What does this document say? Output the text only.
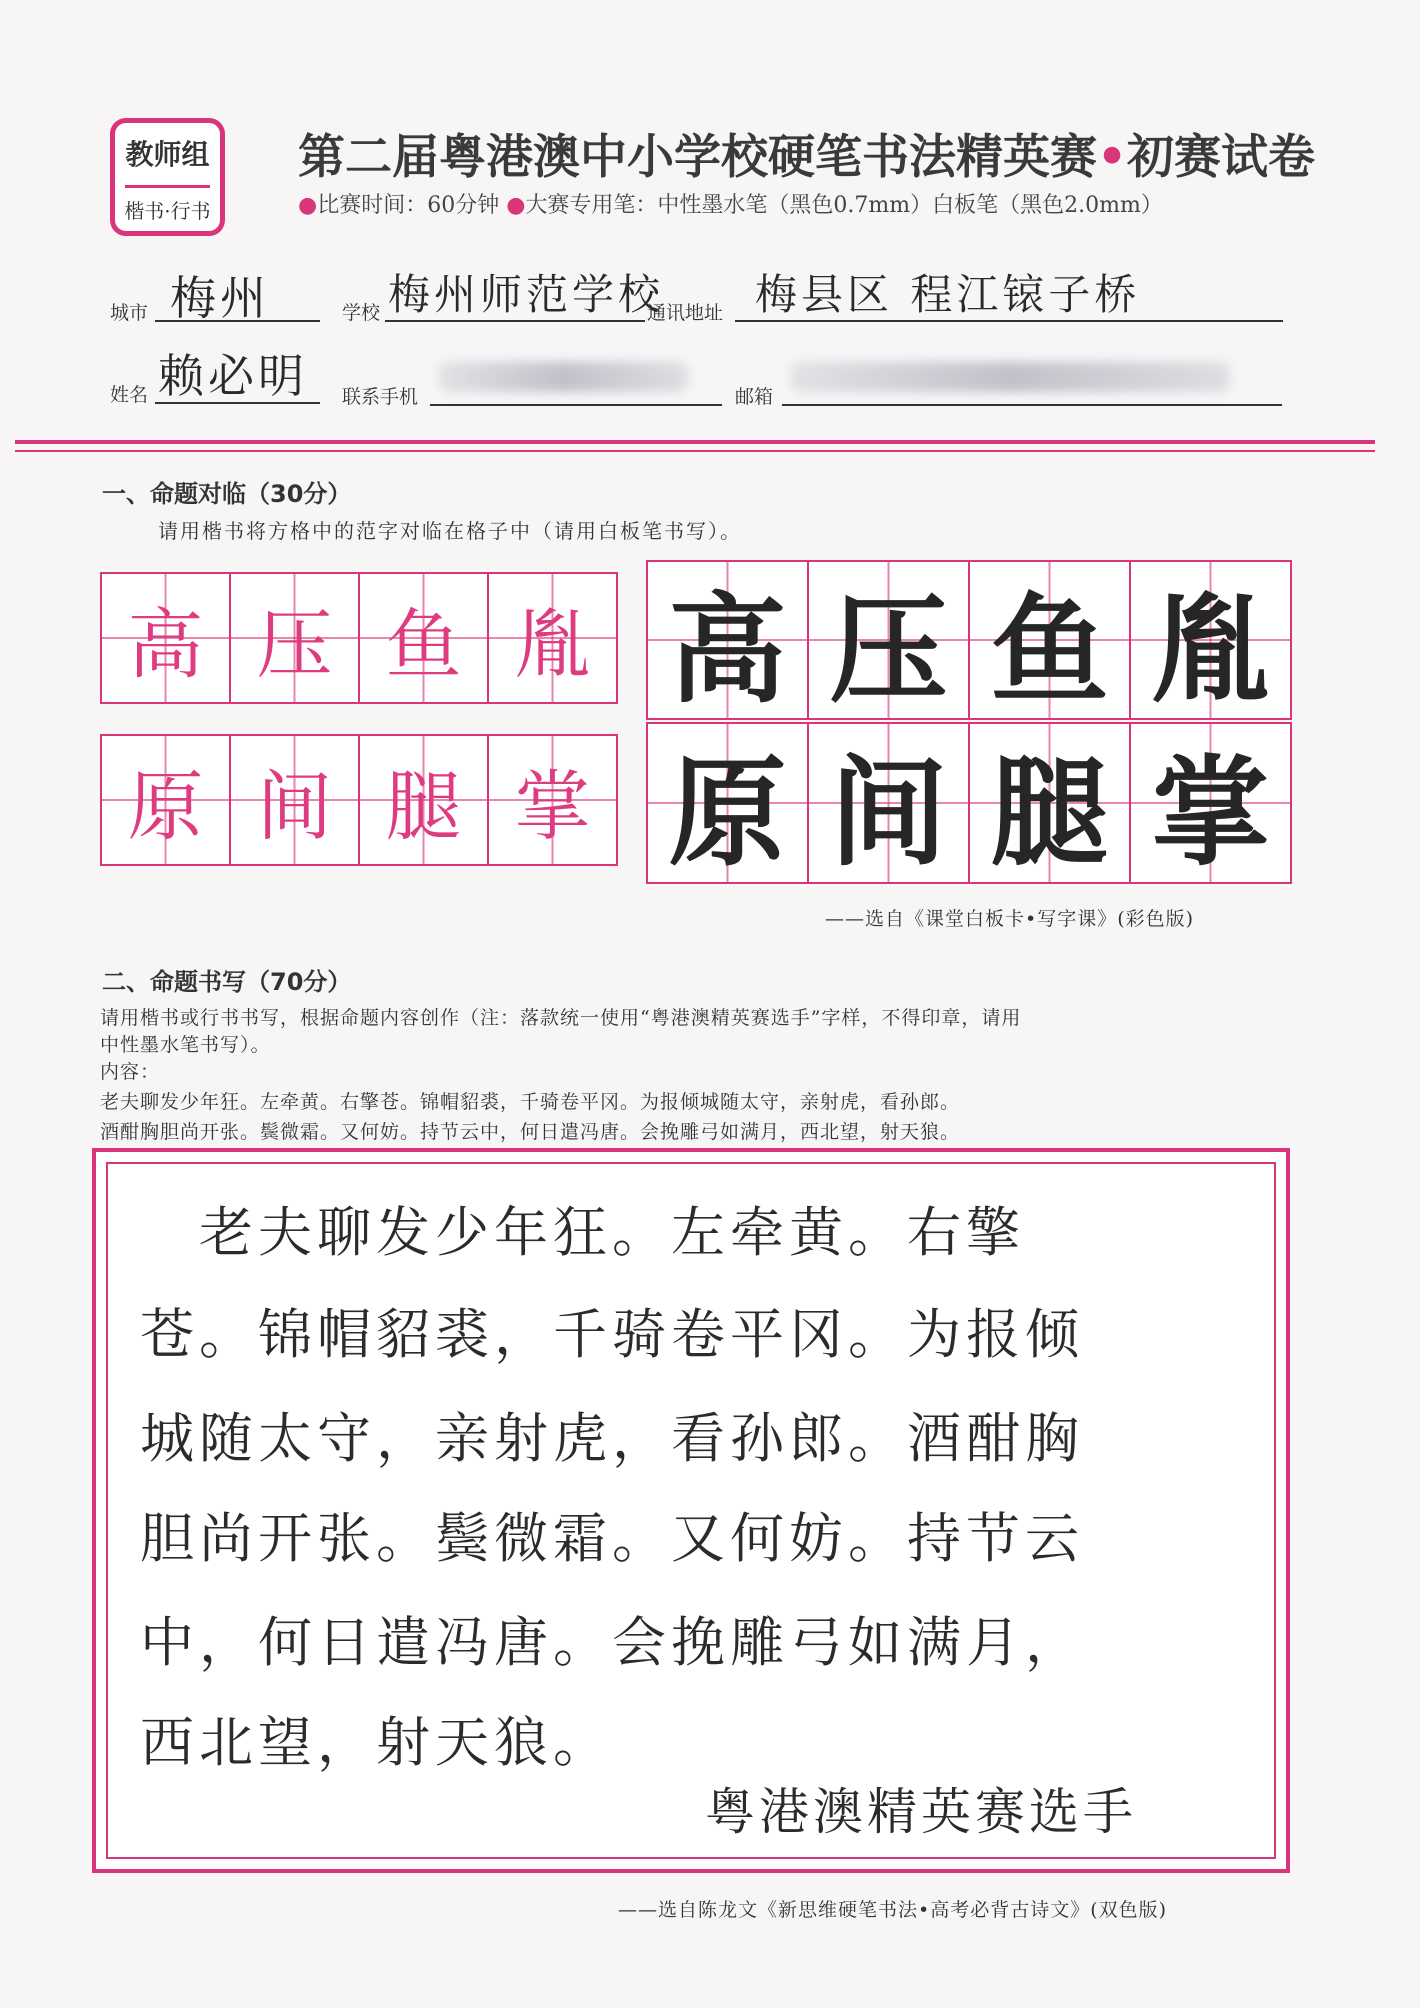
教师组
楷书·行书
第二届粤港澳中小学校硬笔书法精英赛•初赛试卷
●比赛时间：60分钟 ●大赛专用笔：中性墨水笔（黑色0.7mm）白板笔（黑色2.0mm）
城市 梅州	学校 梅州师范学校
通讯地址 梅县区 程江锿子桥
姓名 赖必明 联系手机	邮箱
一、命题对临（30分）
请用楷书将方格中的范字对临在格子中（请用白板笔书写）。
高 压 鱼 胤
原 间 腿 掌
高 压 鱼 胤
原 间 腿 掌
——选自《课堂白板卡•写字课》(彩色版)
二、命题书写（70分）
请用楷书或行书书写，根据命题内容创作（注：落款统一使用“粤港澳精英赛选手”字样，不得印章，请用
中性墨水笔书写）。
内容：
老夫聊发少年狂。左牵黄。右擎苍。锦帽貂裘，千骑卷平冈。为报倾城随太守，亲射虎，看孙郎。
酒酣胸胆尚开张。鬓微霜。又何妨。持节云中，何日遣冯唐。会挽雕弓如满月，西北望，射天狼。
　老夫聊发少年狂。左牵黄。右擎
苍。锦帽貂裘，千骑卷平冈。为报倾
城随太守，亲射虎，看孙郎。酒酣胸
胆尚开张。鬓微霜。又何妨。持节云
中，何日遣冯唐。会挽雕弓如满月，
西北望，射天狼。
粤港澳精英赛选手
——选自陈龙文《新思维硬笔书法•高考必背古诗文》(双色版)
